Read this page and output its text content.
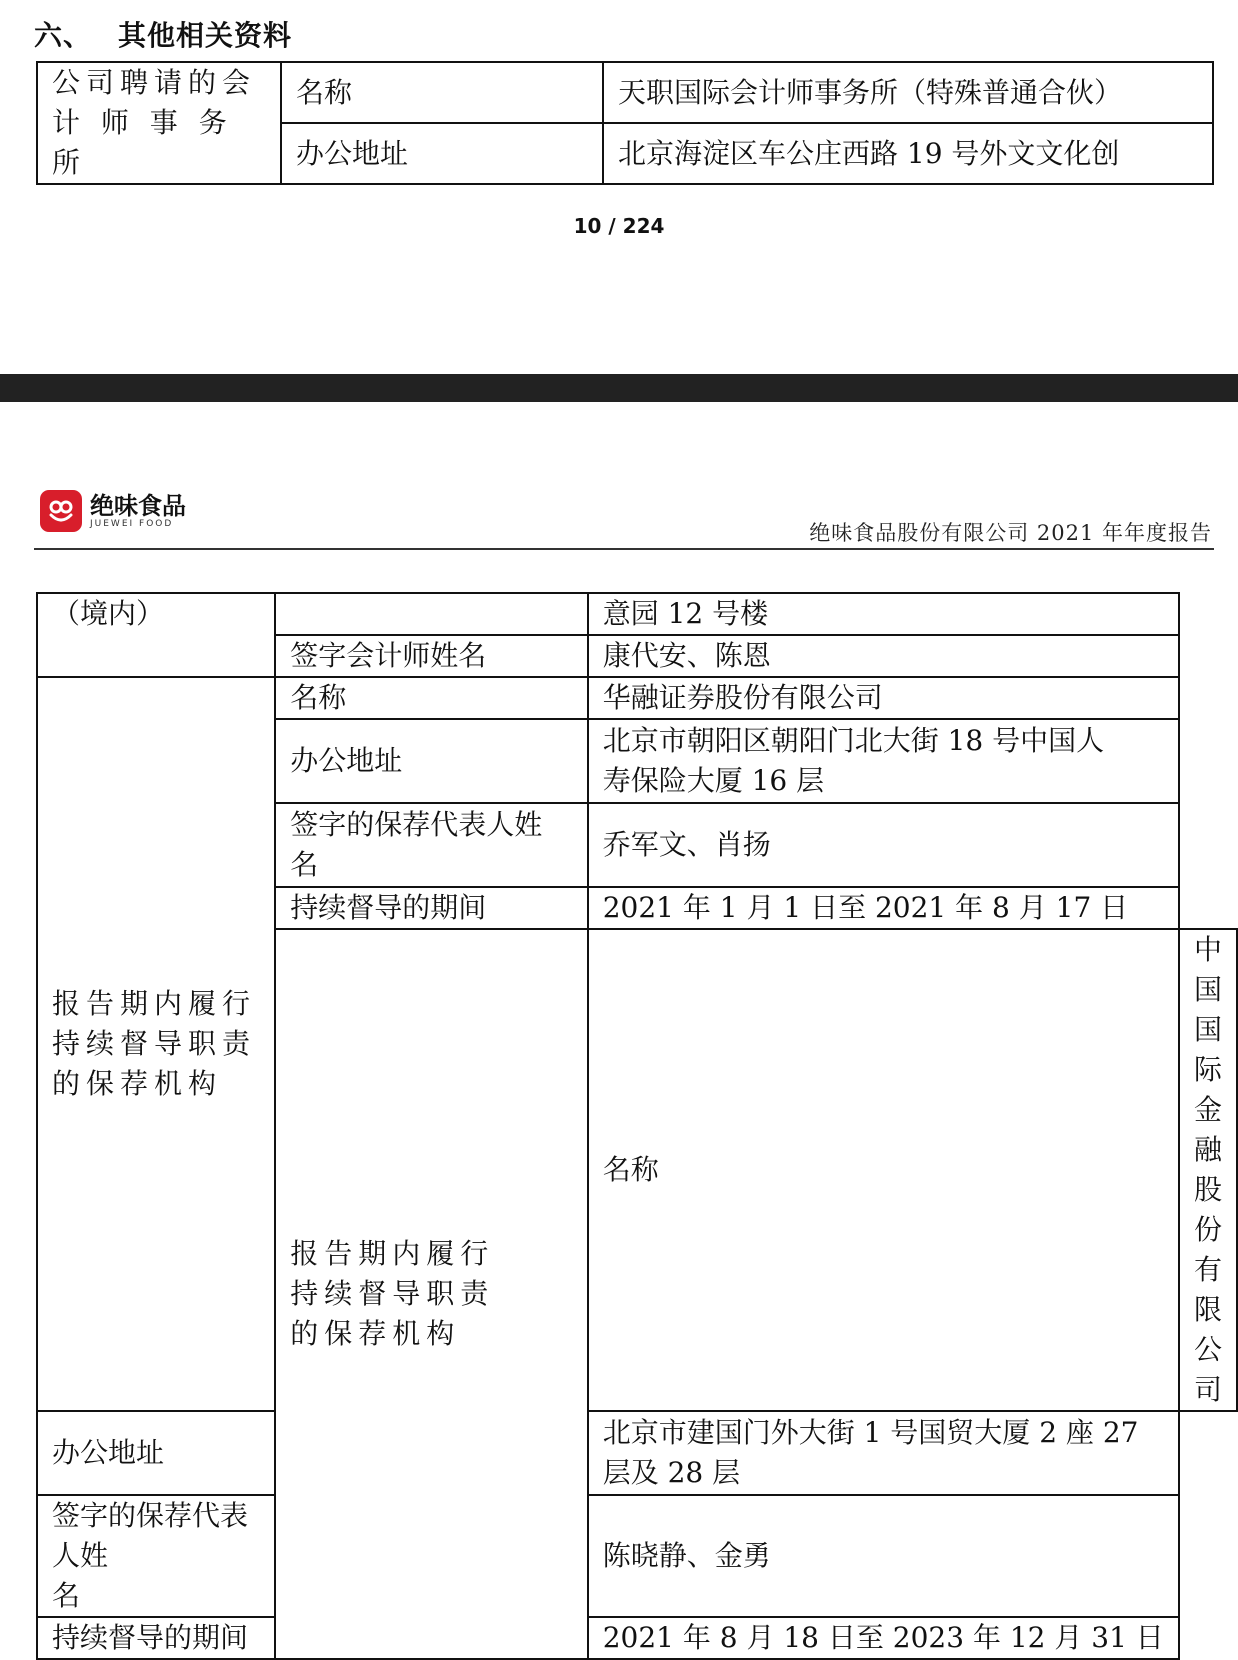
六、 其他相关资料
公司聘请的会
计 师 事 务 所	名称	天职国际会计师事务所（特殊普通合伙）
	办公地址	北京海淀区车公庄西路 19 号外文文化创
10 / 224
绝味食品
JUEWEI FOOD	绝味食品股份有限公司 2021 年年度报告
（境内）		意园 12 号楼	
	签字会计师姓名	康代安、陈恩	

报告期内履行
持续督导职责
的保荐机构	名称	华融证券股份有限公司	
	办公地址	北京市朝阳区朝阳门北大街 18 号中国人
寿保险大厦 16 层	

	签字的保荐代表人姓
名	乔军文、肖扬	
	持续督导的期间	2021 年 1 月 1 日至 2021 年 8 月 17 日	

	报告期内履行
持续督导职责
的保荐机构	名称	中国国际金融股份有限公司
办公地址		北京市建国门外大街 1 号国贸大厦 2 座 27
层及 28 层	

签字的保荐代表人姓
名		陈晓静、金勇	
持续督导的期间		2021 年 8 月 18 日至 2023 年 12 月 31 日	
